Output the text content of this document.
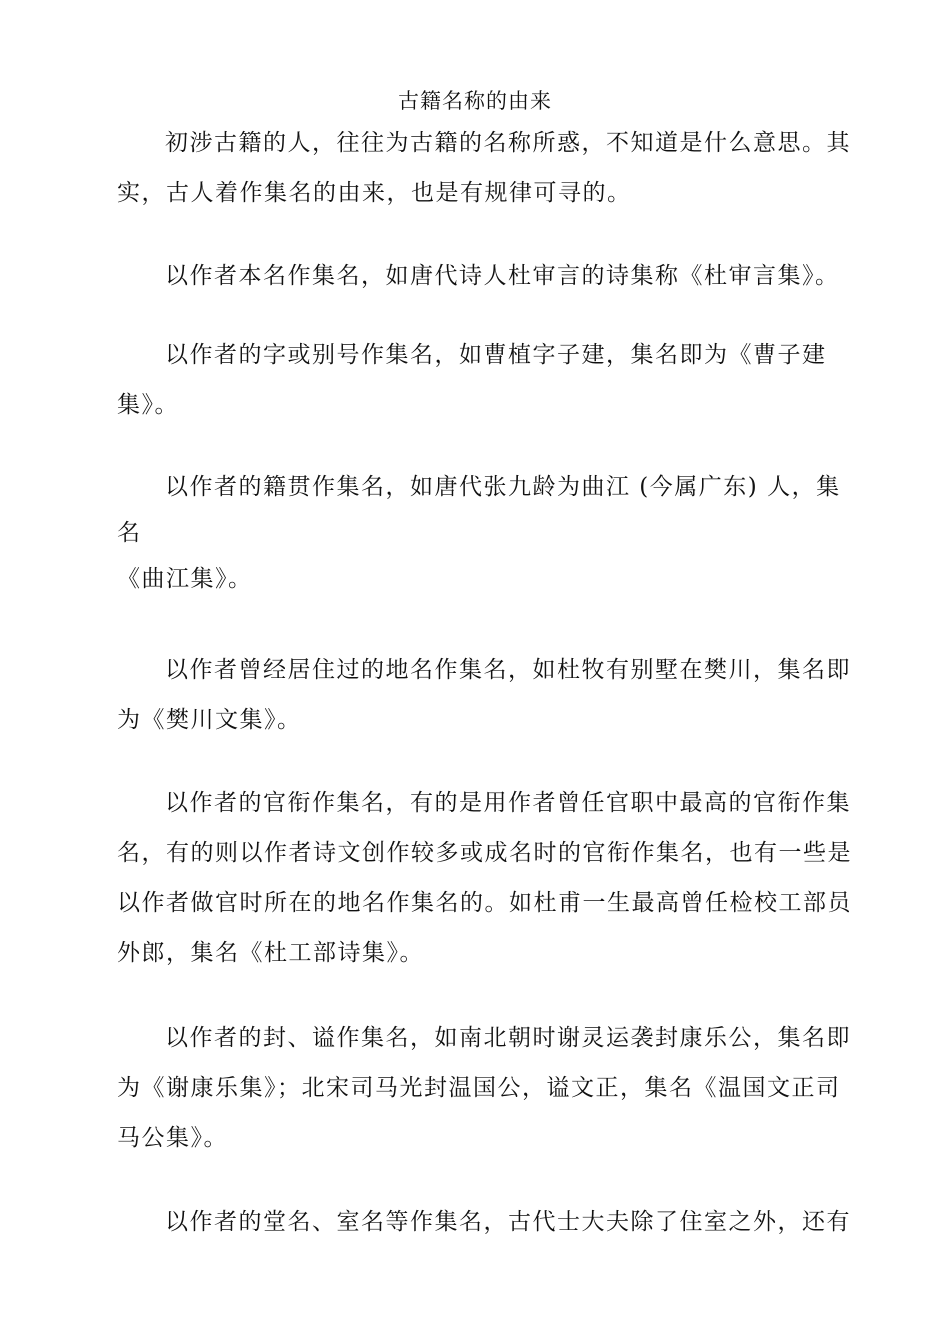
古籍名称的由来
初涉古籍的人，往往为古籍的名称所惑，不知道是什么意思。其
实，古人着作集名的由来，也是有规律可寻的。
以作者本名作集名，如唐代诗人杜审言的诗集称《杜审言集》。
以作者的字或别号作集名，如曹植字子建，集名即为《曹子建
集》。
以作者的籍贯作集名，如唐代张九龄为曲江 (今属广东) 人，集
名
《曲江集》。
以作者曾经居住过的地名作集名，如杜牧有别墅在樊川，集名即
为《樊川文集》。
以作者的官衔作集名，有的是用作者曾任官职中最高的官衔作集
名，有的则以作者诗文创作较多或成名时的官衔作集名，也有一些是
以作者做官时所在的地名作集名的。如杜甫一生最高曾任检校工部员
外郎，集名《杜工部诗集》。
以作者的封、谥作集名，如南北朝时谢灵运袭封康乐公，集名即
为《谢康乐集》；北宋司马光封温国公，谥文正，集名《温国文正司
马公集》。
以作者的堂名、室名等作集名，古代士大夫除了住室之外，还有
